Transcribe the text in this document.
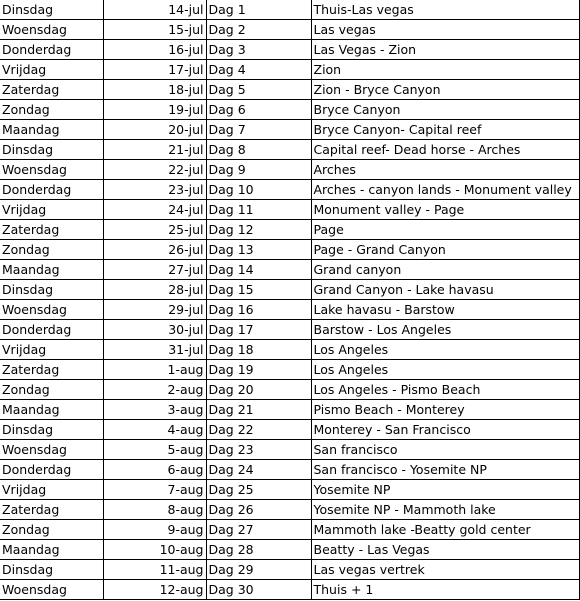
Dinsdag	14-jul	Dag 1	Thuis-Las vegas
Woensdag	15-jul	Dag 2	Las vegas
Donderdag	16-jul	Dag 3	Las Vegas - Zion
Vrijdag	17-jul	Dag 4	Zion
Zaterdag	18-jul	Dag 5	Zion - Bryce Canyon
Zondag	19-jul	Dag 6	Bryce Canyon
Maandag	20-jul	Dag 7	Bryce Canyon- Capital reef
Dinsdag	21-jul	Dag 8	Capital reef- Dead horse - Arches
Woensdag	22-jul	Dag 9	Arches
Donderdag	23-jul	Dag 10	Arches - canyon lands - Monument valley
Vrijdag	24-jul	Dag 11	Monument valley - Page
Zaterdag	25-jul	Dag 12	Page
Zondag	26-jul	Dag 13	Page - Grand Canyon
Maandag	27-jul	Dag 14	Grand canyon
Dinsdag	28-jul	Dag 15	Grand Canyon - Lake havasu
Woensdag	29-jul	Dag 16	Lake havasu - Barstow
Donderdag	30-jul	Dag 17	Barstow - Los Angeles
Vrijdag	31-jul	Dag 18	Los Angeles
Zaterdag	1-aug	Dag 19	Los Angeles
Zondag	2-aug	Dag 20	Los Angeles - Pismo Beach
Maandag	3-aug	Dag 21	Pismo Beach - Monterey
Dinsdag	4-aug	Dag 22	Monterey - San Francisco
Woensdag	5-aug	Dag 23	San francisco
Donderdag	6-aug	Dag 24	San francisco - Yosemite NP
Vrijdag	7-aug	Dag 25	Yosemite NP
Zaterdag	8-aug	Dag 26	Yosemite NP - Mammoth lake
Zondag	9-aug	Dag 27	Mammoth lake -Beatty gold center
Maandag	10-aug	Dag 28	Beatty - Las Vegas
Dinsdag	11-aug	Dag 29	Las vegas vertrek
Woensdag	12-aug	Dag 30	Thuis + 1
